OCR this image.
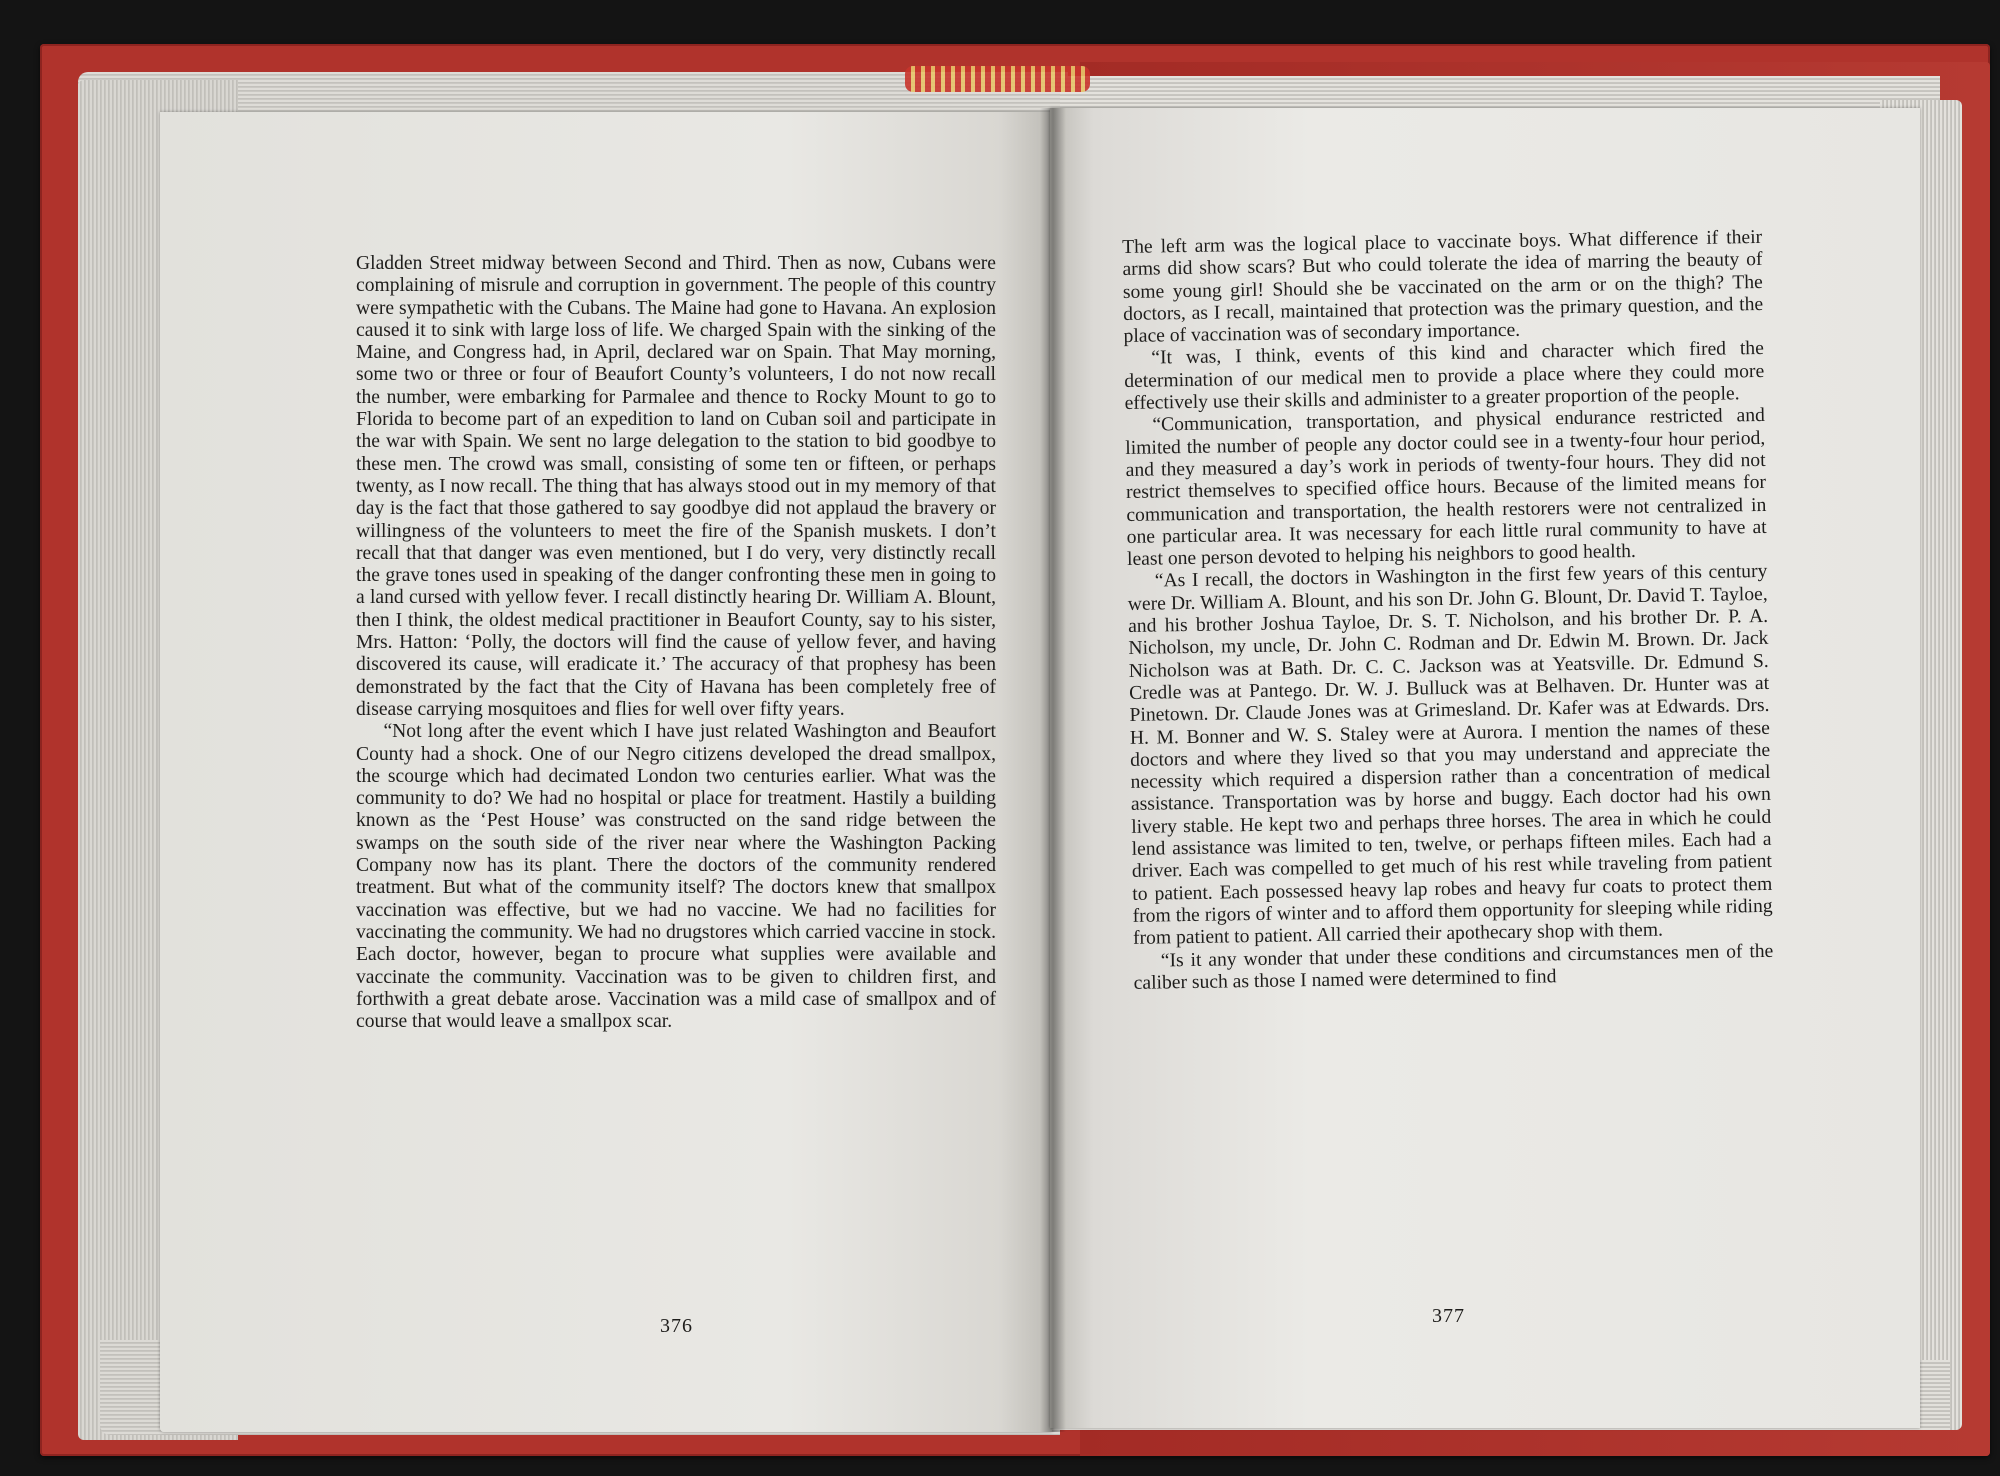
Gladden Street midway between Second and Third. Then as now, Cubans were complaining of misrule and corruption in government. The people of this country were sympathetic with the Cubans. The Maine had gone to Havana. An explosion caused it to sink with large loss of life. We charged Spain with the sinking of the Maine, and Congress had, in April, declared war on Spain. That May morning, some two or three or four of Beaufort County’s volunteers, I do not now recall the number, were embarking for Parmalee and thence to Rocky Mount to go to Florida to become part of an expedition to land on Cuban soil and participate in the war with Spain. We sent no large delegation to the station to bid goodbye to these men. The crowd was small, consisting of some ten or fifteen, or perhaps twenty, as I now recall. The thing that has always stood out in my memory of that day is the fact that those gathered to say goodbye did not applaud the bravery or willingness of the volunteers to meet the fire of the Spanish muskets. I don’t recall that that danger was even mentioned, but I do very, very distinctly recall the grave tones used in speaking of the danger confronting these men in going to a land cursed with yellow fever. I recall distinctly hearing Dr. William A. Blount, then I think, the oldest medical practitioner in Beaufort County, say to his sister, Mrs. Hatton: ‘Polly, the doctors will find the cause of yellow fever, and having discovered its cause, will eradicate it.’ The accuracy of that prophesy has been demonstrated by the fact that the City of Havana has been completely free of disease carrying mosquitoes and flies for well over fifty years.

“Not long after the event which I have just related Washington and Beaufort County had a shock. One of our Negro citizens developed the dread smallpox, the scourge which had decimated London two centuries earlier. What was the community to do? We had no hospital or place for treatment. Hastily a building known as the ‘Pest House’ was constructed on the sand ridge between the swamps on the south side of the river near where the Washington Packing Company now has its plant. There the doctors of the community rendered treatment. But what of the community itself? The doctors knew that smallpox vaccination was effective, but we had no vaccine. We had no facilities for vaccinating the community. We had no drugstores which carried vaccine in stock. Each doctor, however, began to procure what supplies were available and vaccinate the community. Vaccination was to be given to children first, and forthwith a great debate arose. Vaccination was a mild case of smallpox and of course that would leave a smallpox scar.

376

The left arm was the logical place to vaccinate boys. What difference if their arms did show scars? But who could tolerate the idea of marring the beauty of some young girl! Should she be vaccinated on the arm or on the thigh? The doctors, as I recall, maintained that protection was the primary question, and the place of vaccination was of secondary importance.

“It was, I think, events of this kind and character which fired the determination of our medical men to provide a place where they could more effectively use their skills and administer to a greater proportion of the people.

“Communication, transportation, and physical endurance restricted and limited the number of people any doctor could see in a twenty-four hour period, and they measured a day’s work in periods of twenty-four hours. They did not restrict themselves to specified office hours. Because of the limited means for communication and transportation, the health restorers were not centralized in one particular area. It was necessary for each little rural community to have at least one person devoted to helping his neighbors to good health.

“As I recall, the doctors in Washington in the first few years of this century were Dr. William A. Blount, and his son Dr. John G. Blount, Dr. David T. Tayloe, and his brother Joshua Tayloe, Dr. S. T. Nicholson, and his brother Dr. P. A. Nicholson, my uncle, Dr. John C. Rodman and Dr. Edwin M. Brown. Dr. Jack Nicholson was at Bath. Dr. C. C. Jackson was at Yeatsville. Dr. Edmund S. Credle was at Pantego. Dr. W. J. Bulluck was at Belhaven. Dr. Hunter was at Pinetown. Dr. Claude Jones was at Grimesland. Dr. Kafer was at Edwards. Drs. H. M. Bonner and W. S. Staley were at Aurora. I mention the names of these doctors and where they lived so that you may understand and appreciate the necessity which required a dispersion rather than a concentration of medical assistance. Transportation was by horse and buggy. Each doctor had his own livery stable. He kept two and perhaps three horses. The area in which he could lend assistance was limited to ten, twelve, or perhaps fifteen miles. Each had a driver. Each was compelled to get much of his rest while traveling from patient to patient. Each possessed heavy lap robes and heavy fur coats to protect them from the rigors of winter and to afford them opportunity for sleeping while riding from patient to patient. All carried their apothecary shop with them.

“Is it any wonder that under these conditions and circumstances men of the caliber such as those I named were determined to find

377
